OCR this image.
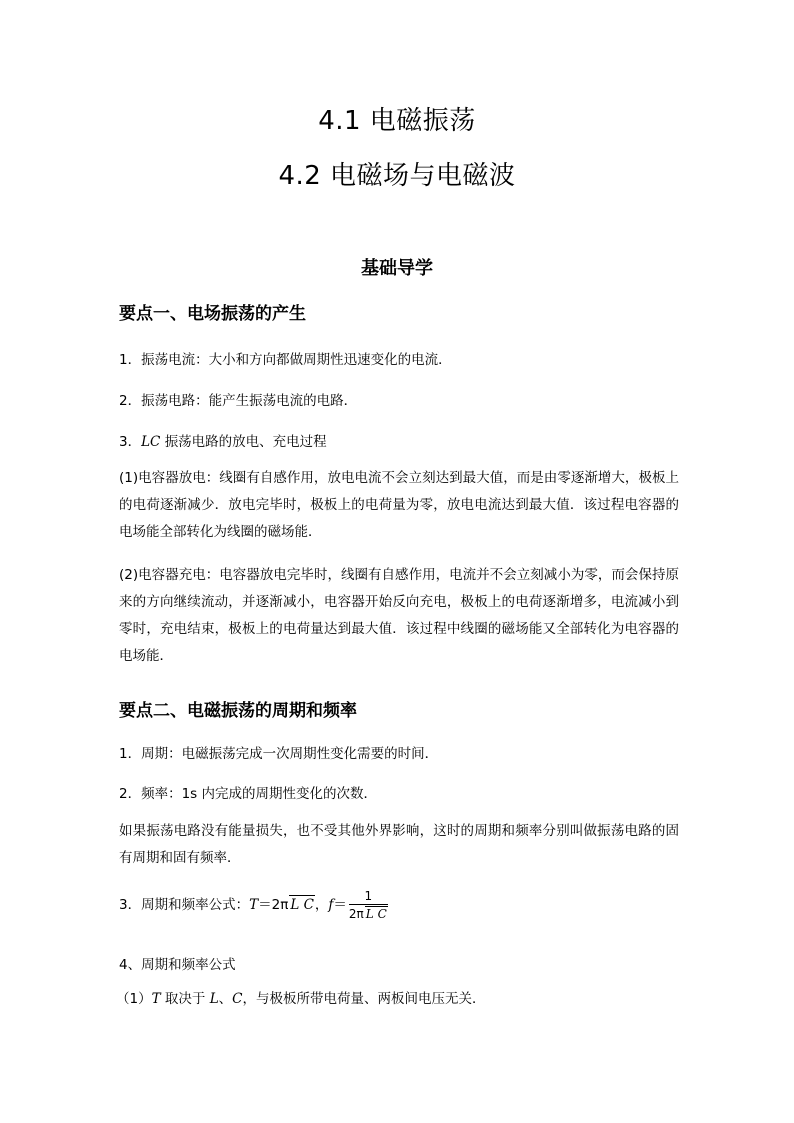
4.1 电磁振荡
4.2 电磁场与电磁波
基础导学
要点一、电场振荡的产生
1．振荡电流：大小和方向都做周期性迅速变化的电流．
2．振荡电路：能产生振荡电流的电路．
3．LC 振荡电路的放电、充电过程
(1)电容器放电：线圈有自感作用，放电电流不会立刻达到最大值，而是由零逐渐增大，极板上的电荷逐渐减少．放电完毕时，极板上的电荷量为零，放电电流达到最大值．该过程电容器的电场能全部转化为线圈的磁场能．
(2)电容器充电：电容器放电完毕时，线圈有自感作用，电流并不会立刻减小为零，而会保持原来的方向继续流动，并逐渐减小，电容器开始反向充电，极板上的电荷逐渐增多，电流减小到零时，充电结束，极板上的电荷量达到最大值．该过程中线圈的磁场能又全部转化为电容器的电场能．
要点二、电磁振荡的周期和频率
1．周期：电磁振荡完成一次周期性变化需要的时间．
2．频率：1s 内完成的周期性变化的次数．
如果振荡电路没有能量损失，也不受其他外界影响，这时的周期和频率分别叫做振荡电路的固有周期和固有频率．
3．周期和频率公式：T＝2π L C，$f= \frac{1}{\text{2π L C}}$
4、周期和频率公式
（1）T 取决于 L、C，与极板所带电荷量、两板间电压无关．
